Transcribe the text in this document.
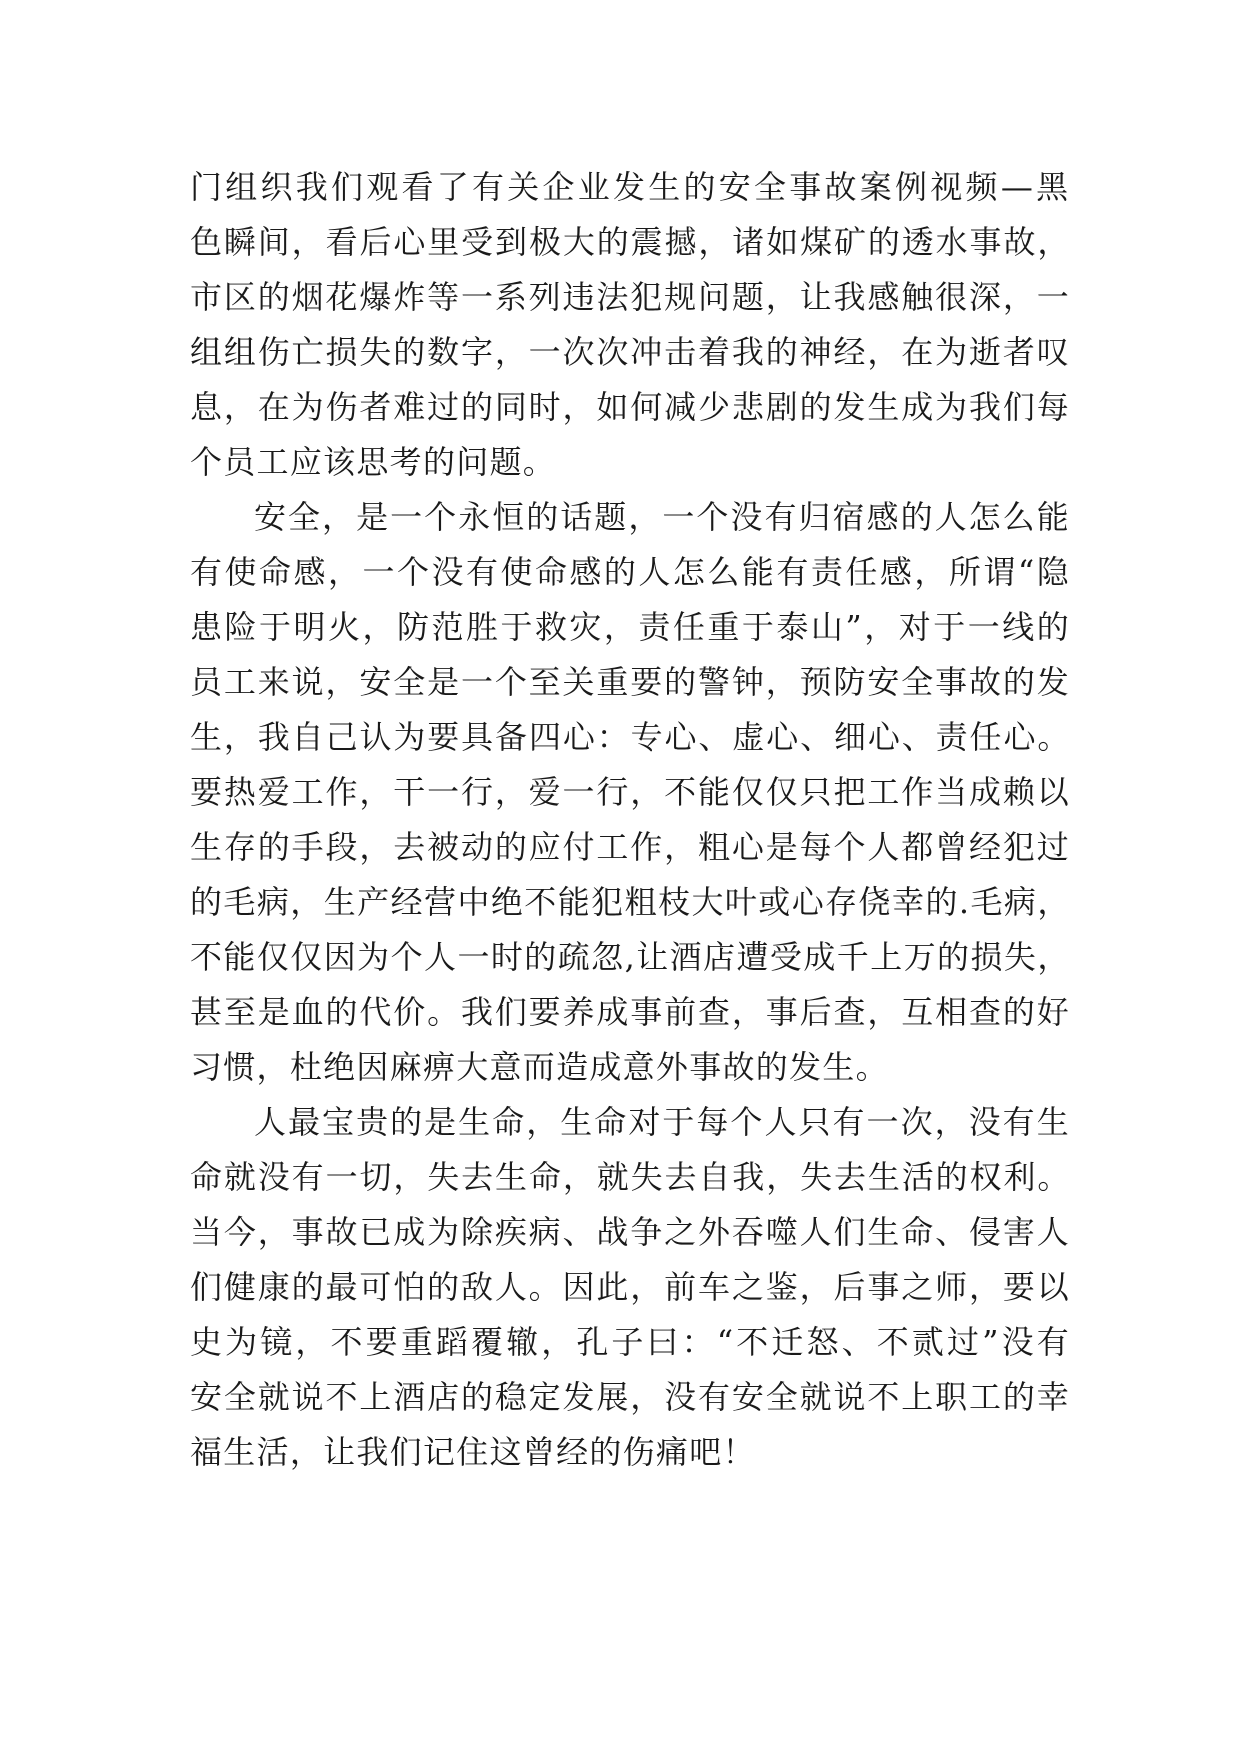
门组织我们观看了有关企业发生的安全事故案例视频—黑
色瞬间，看后心里受到极大的震撼，诸如煤矿的透水事故，
市区的烟花爆炸等一系列违法犯规问题，让我感触很深，一
组组伤亡损失的数字，一次次冲击着我的神经，在为逝者叹
息，在为伤者难过的同时，如何减少悲剧的发生成为我们每
个员工应该思考的问题。
安全，是一个永恒的话题，一个没有归宿感的人怎么能
有使命感，一个没有使命感的人怎么能有责任感，所谓“隐
患险于明火，防范胜于救灾，责任重于泰山”，对于一线的
员工来说，安全是一个至关重要的警钟，预防安全事故的发
生，我自己认为要具备四心：专心、虚心、细心、责任心。
要热爱工作，干一行，爱一行，不能仅仅只把工作当成赖以
生存的手段，去被动的应付工作，粗心是每个人都曾经犯过
的毛病，生产经营中绝不能犯粗枝大叶或心存侥幸的.毛病，
不能仅仅因为个人一时的疏忽,让酒店遭受成千上万的损失，
甚至是血的代价。我们要养成事前查，事后查，互相查的好
习惯，杜绝因麻痹大意而造成意外事故的发生。
人最宝贵的是生命，生命对于每个人只有一次，没有生
命就没有一切，失去生命，就失去自我，失去生活的权利。
当今，事故已成为除疾病、战争之外吞噬人们生命、侵害人
们健康的最可怕的敌人。因此，前车之鉴，后事之师，要以
史为镜，不要重蹈覆辙，孔子曰：“不迁怒、不贰过”没有
安全就说不上酒店的稳定发展，没有安全就说不上职工的幸
福生活，让我们记住这曾经的伤痛吧！
